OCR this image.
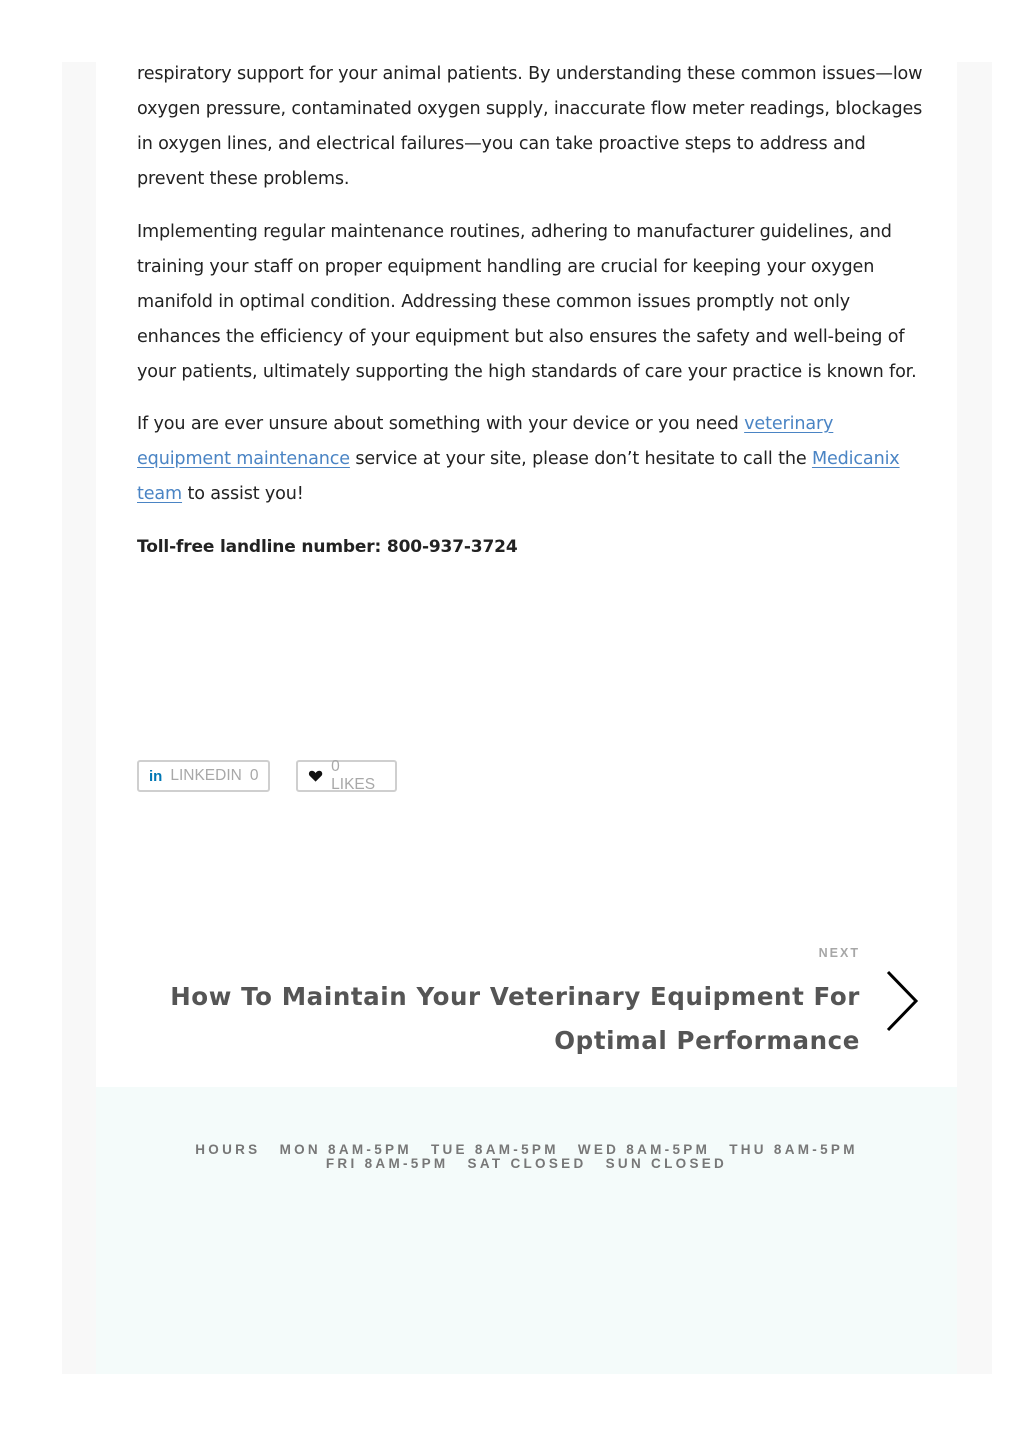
respiratory support for your animal patients. By understanding these common issues—low oxygen pressure, contaminated oxygen supply, inaccurate flow meter readings, blockages in oxygen lines, and electrical failures—you can take proactive steps to address and prevent these problems.

Implementing regular maintenance routines, adhering to manufacturer guidelines, and training your staff on proper equipment handling are crucial for keeping your oxygen manifold in optimal condition. Addressing these common issues promptly not only enhances the efficiency of your equipment but also ensures the safety and well-being of your patients, ultimately supporting the high standards of care your practice is known for.

If you are ever unsure about something with your device or you need veterinary equipment maintenance service at your site, please don’t hesitate to call the Medicanix team to assist you!

Toll-free landline number: 800-937-3724

in LINKEDIN 0
0 LIKES
NEXT
How To Maintain Your Veterinary Equipment For Optimal Performance
HOURS MON 8AM-5PM TUE 8AM-5PM WED 8AM-5PM THU 8AM-5PM
FRI 8AM-5PM SAT CLOSED SUN CLOSED
